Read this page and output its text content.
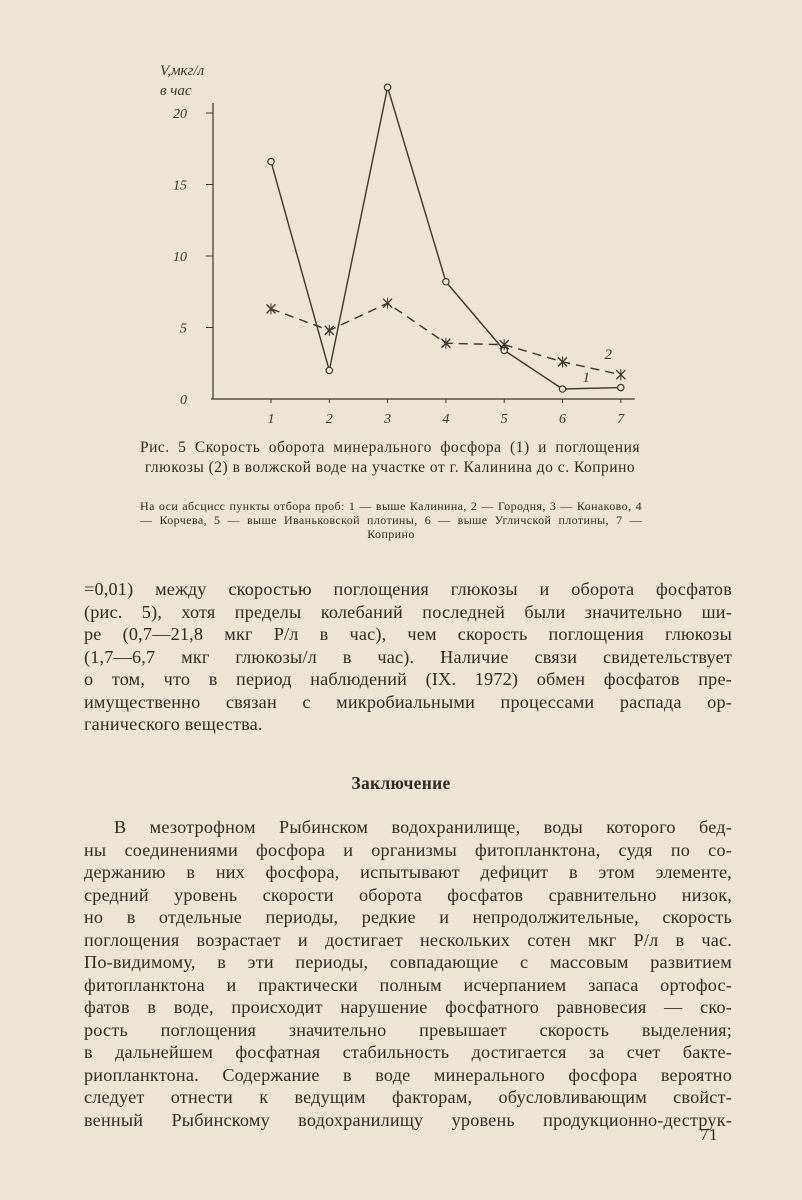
0
5
10
15
20
1	2	3	4	5	6	7
1
2
V,мкг/л
в час
Рис. 5 Скорость оборота минерального фосфора (1) и поглощения глюкозы (2) в волжской воде на участке от г. Калинина до с. Коприно
На оси абсцисс пункты отбора проб: 1 — выше Калинина, 2 — Городня, 3 — Конаково, 4 — Корчева, 5 — выше Иваньковской плотины, 6 — выше Угличской плотины, 7 — Коприно
=0,01) между скоростью поглощения глюкозы и оборота фосфатов
(рис. 5), хотя пределы колебаний последней были значительно ши-
ре (0,7—21,8 мкг Р/л в час), чем скорость поглощения глюкозы
(1,7—6,7 мкг глюкозы/л в час). Наличие связи свидетельствует
о том, что в период наблюдений (IX. 1972) обмен фосфатов пре-
имущественно связан с микробиальными процессами распада ор-
ганического вещества.
Заключение
В мезотрофном Рыбинском водохранилище, воды которого бед-
ны соединениями фосфора и организмы фитопланктона, судя по со-
держанию в них фосфора, испытывают дефицит в этом элементе,
средний уровень скорости оборота фосфатов сравнительно низок,
но в отдельные периоды, редкие и непродолжительные, скорость
поглощения возрастает и достигает нескольких сотен мкг Р/л в час.
По-видимому, в эти периоды, совпадающие с массовым развитием
фитопланктона и практически полным исчерпанием запаса ортофос-
фатов в воде, происходит нарушение фосфатного равновесия — ско-
рость поглощения значительно превышает скорость выделения;
в дальнейшем фосфатная стабильность достигается за счет бакте-
риопланктона. Содержание в воде минерального фосфора вероятно
следует отнести к ведущим факторам, обусловливающим свойст-
венный Рыбинскому водохранилищу уровень продукционно-деструк-
71
